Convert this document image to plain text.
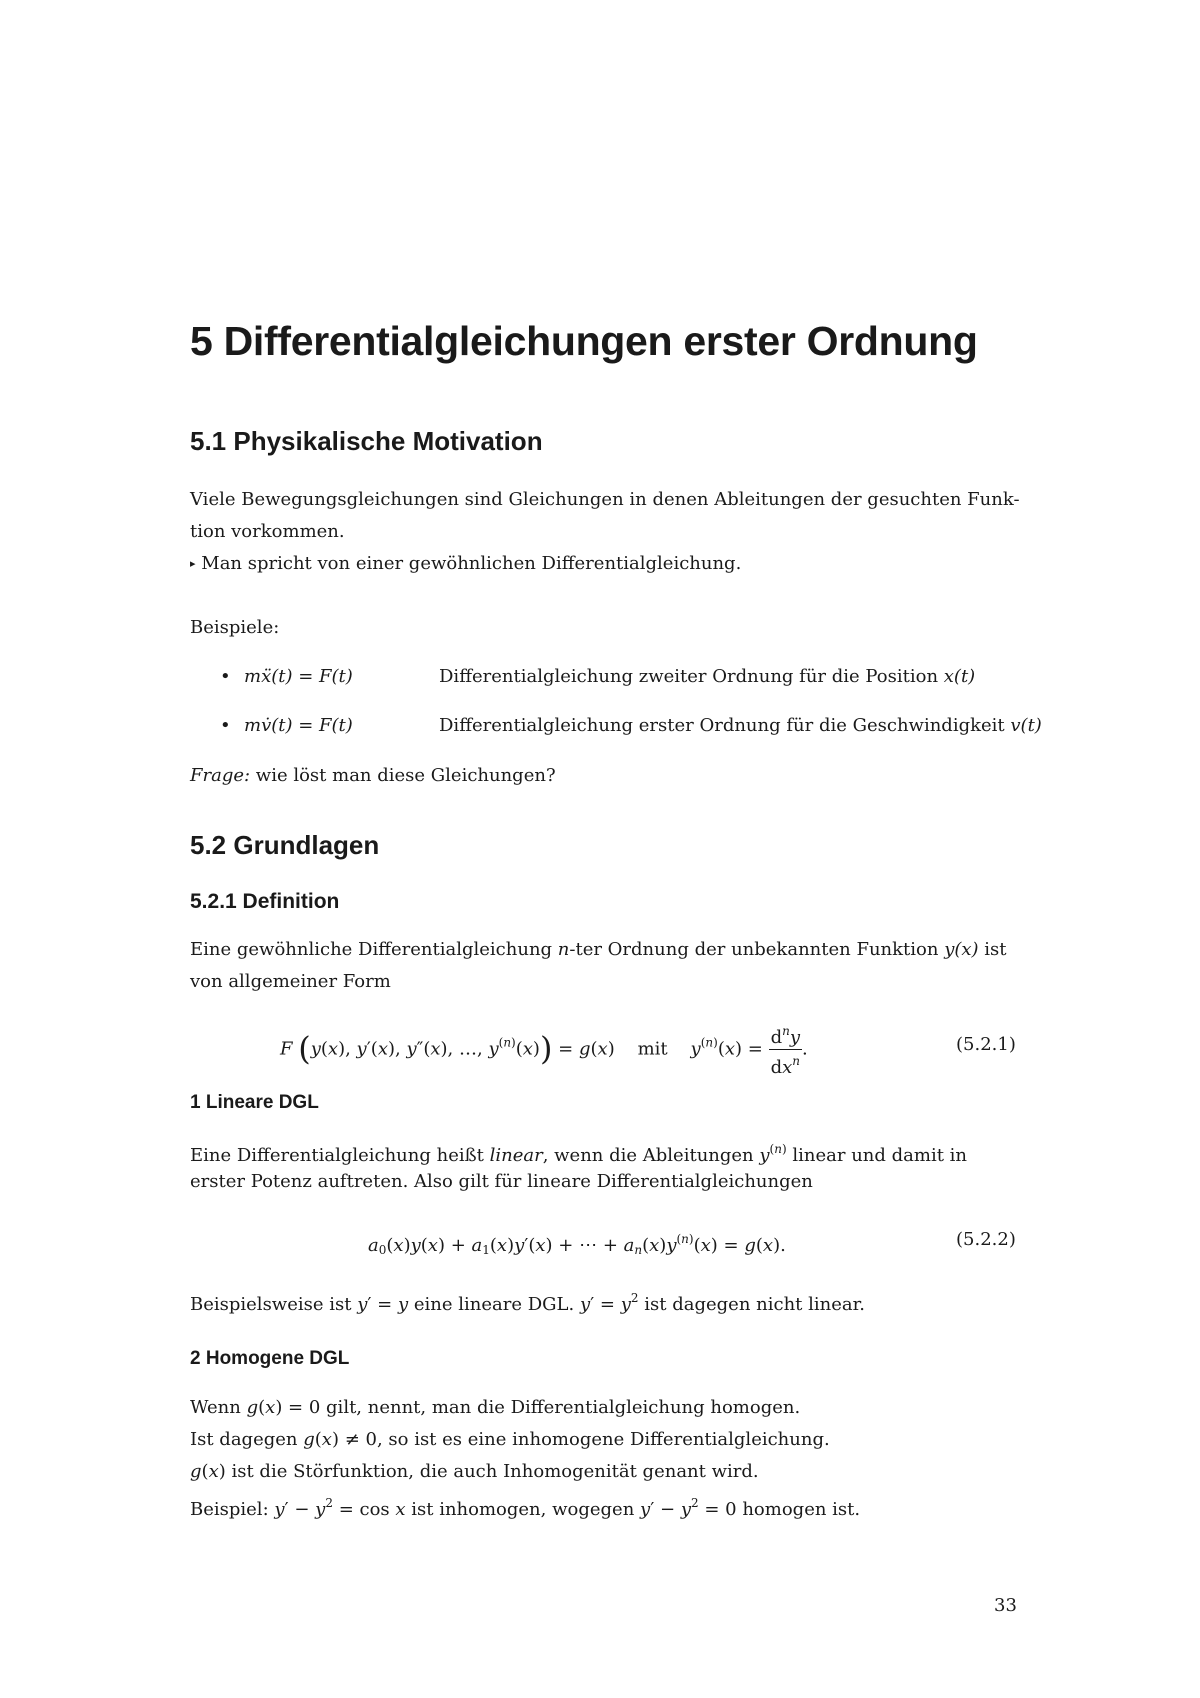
5 Differentialgleichungen erster Ordnung
5.1 Physikalische Motivation
Viele Bewegungsgleichungen sind Gleichungen in denen Ableitungen der gesuchten Funk-
tion vorkommen.
▸ Man spricht von einer gewöhnlichen Differentialgleichung.
Beispiele:
• mẍ(t) = F(t)	Differentialgleichung zweiter Ordnung für die Position x(t)
• mv̇(t) = F(t)	Differentialgleichung erster Ordnung für die Geschwindigkeit v(t)
Frage: wie löst man diese Gleichungen?
5.2 Grundlagen
5.2.1 Definition
Eine gewöhnliche Differentialgleichung n-ter Ordnung der unbekannten Funktion y(x) ist
von allgemeiner Form
F (y(x), y′(x), y″(x), …, $y^{(n)}(x)) = g(x)$    mit    $y^{(n)}(x) = \frac{d^ny}{dx^n}$ .	(5.2.1)
1 Lineare DGL
Eine Differentialgleichung heißt linear, wenn die Ableitungen $y^{(n)}$ linear und damit in
erster Potenz auftreten. Also gilt für lineare Differentialgleichungen
$a_0(x)y(x) + a_1(x)y'(x)$ + ⋯ + $a_n(x)y^{(n)}(x) = g(x)$.	(5.2.2)
Beispielsweise ist y′ = y eine lineare DGL. $y' = y^2$ ist dagegen nicht linear.
2 Homogene DGL
Wenn g(x) = 0 gilt, nennt, man die Differentialgleichung homogen.
Ist dagegen g(x) ≠ 0, so ist es eine inhomogene Differentialgleichung.
g(x) ist die Störfunktion, die auch Inhomogenität genant wird.
Beispiel: $y' - y^2 = \cos x$ ist inhomogen, wogegen $y' - y^2 = 0$ homogen ist.
33
